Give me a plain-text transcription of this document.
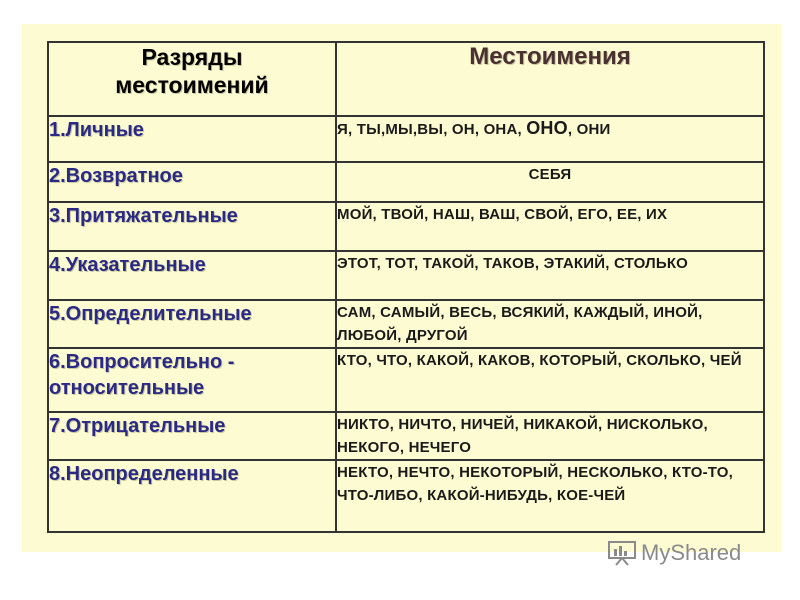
Разряды
местоимений	Местоимения
1.Личные	Я, ТЫ,МЫ,ВЫ, ОН, ОНА, ОНО, ОНИ
2.Возвратное	СЕБЯ
3.Притяжательные	МОЙ, ТВОЙ, НАШ, ВАШ, СВОЙ, ЕГО, ЕЕ, ИХ
4.Указательные	ЭТОТ, ТОТ, ТАКОЙ, ТАКОВ, ЭТАКИЙ, СТОЛЬКО
5.Определительные	САМ, САМЫЙ, ВЕСЬ, ВСЯКИЙ, КАЖДЫЙ, ИНОЙ, ЛЮБОЙ, ДРУГОЙ
6.Вопросительно - относительные	КТО, ЧТО, КАКОЙ, КАКОВ, КОТОРЫЙ, СКОЛЬКО, ЧЕЙ
7.Отрицательные	НИКТО, НИЧТО, НИЧЕЙ, НИКАКОЙ, НИСКОЛЬКО, НЕКОГО, НЕЧЕГО
8.Неопределенные	НЕКТО, НЕЧТО, НЕКОТОРЫЙ, НЕСКОЛЬКО, КТО-ТО, ЧТО-ЛИБО, КАКОЙ-НИБУДЬ, КОЕ-ЧЕЙ
MyShared
